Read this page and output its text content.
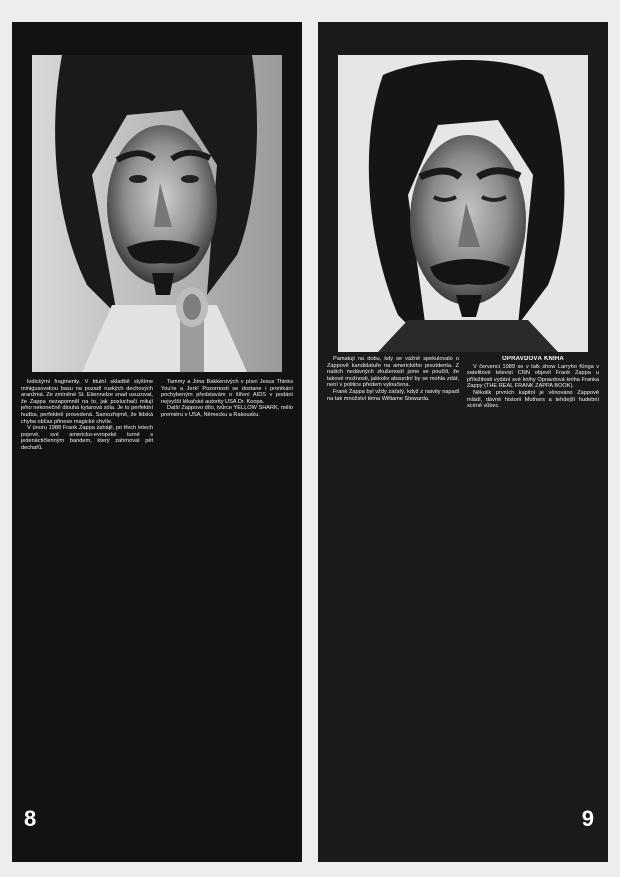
lodickými fragmenty. V titulní skladbě slyšíme minigusovskou basu na pozadí ruských dechových aranžmá. Ze zmíněné St. Etiennelze snad usuzovat, že Zappa nezapomněl na to, jak posluchači milují jeho nekonečně dlouhá kytarová sóla. Je to perfektní hudba, perfektně provedená. Samozřejmě, že lidská chyba občas přinese magické chvíle.

V únoru 1988 Frank Zappa zahájil, po třech letech poprvé, své americko-evropské turné s jedenáctičlenným bandem, který zahrnoval pět dechařů.

Tammy a Jima Bakkerových v písni Jesus Thinks You're a Jerk! Pozornosti se dostane i pronikání pochybeným představám o šíření AIDS v podání nejvyšší lékařské autority USA Dr. Koopa.

Další Zappovo dílo, tvůrce YELLOW SHARK, mělo premiéru v USA, Německu a Rakousku.

8

Pamatuji na dobu, kdy se vážně spekulovalo o Zappově kandidatuře na amerického prezidenta. Z našich nedávných zkušeností jsme se poučili, že takové možnosti, jakkoliv absurdní by se mohla zdát, není v politice předem vyloučena.

Frank Zappa byl vždy zaťatý, když z naivity napadl na tak množství téma Williame Stewarda.

OPRAVDOVÁ KNIHA

V červenci 1989 se v talk show Larryho Kinga v satelitové televizi CNN objevil Frank Zappa u příležitosti vydání své knihy Opravdová kniha Franka Zappy (THE REAL FRANK ZAPPA BOOK).

Několik prvních kapitol je věnováno Zappově mládí, dávné historii Mothers a tehdejší hudební scéně vůbec.

9
